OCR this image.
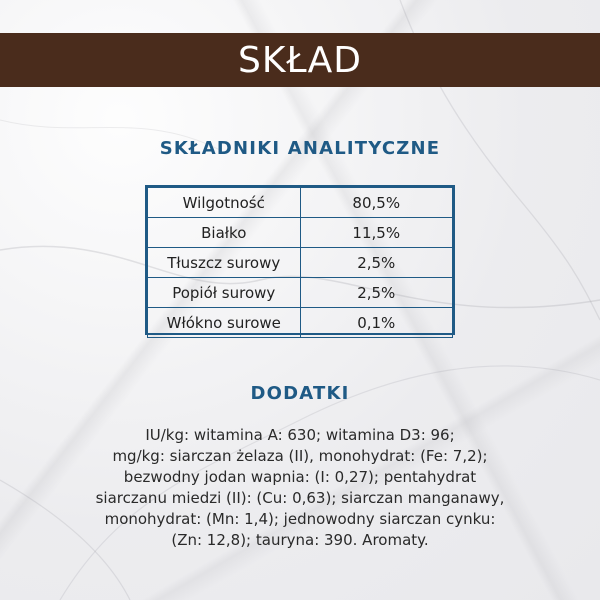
SKŁAD
SKŁADNIKI ANALITYCZNE
Wilgotność	80,5%
Białko	11,5%
Tłuszcz surowy	2,5%
Popiół surowy	2,5%
Włókno surowe	0,1%
DODATKI
IU/kg: witamina A: 630; witamina D3: 96;
mg/kg: siarczan żelaza (II), monohydrat: (Fe: 7,2);
bezwodny jodan wapnia: (I: 0,27); pentahydrat
siarczanu miedzi (II): (Cu: 0,63); siarczan manganawy,
monohydrat: (Mn: 1,4); jednowodny siarczan cynku:
(Zn: 12,8); tauryna: 390. Aromaty.
